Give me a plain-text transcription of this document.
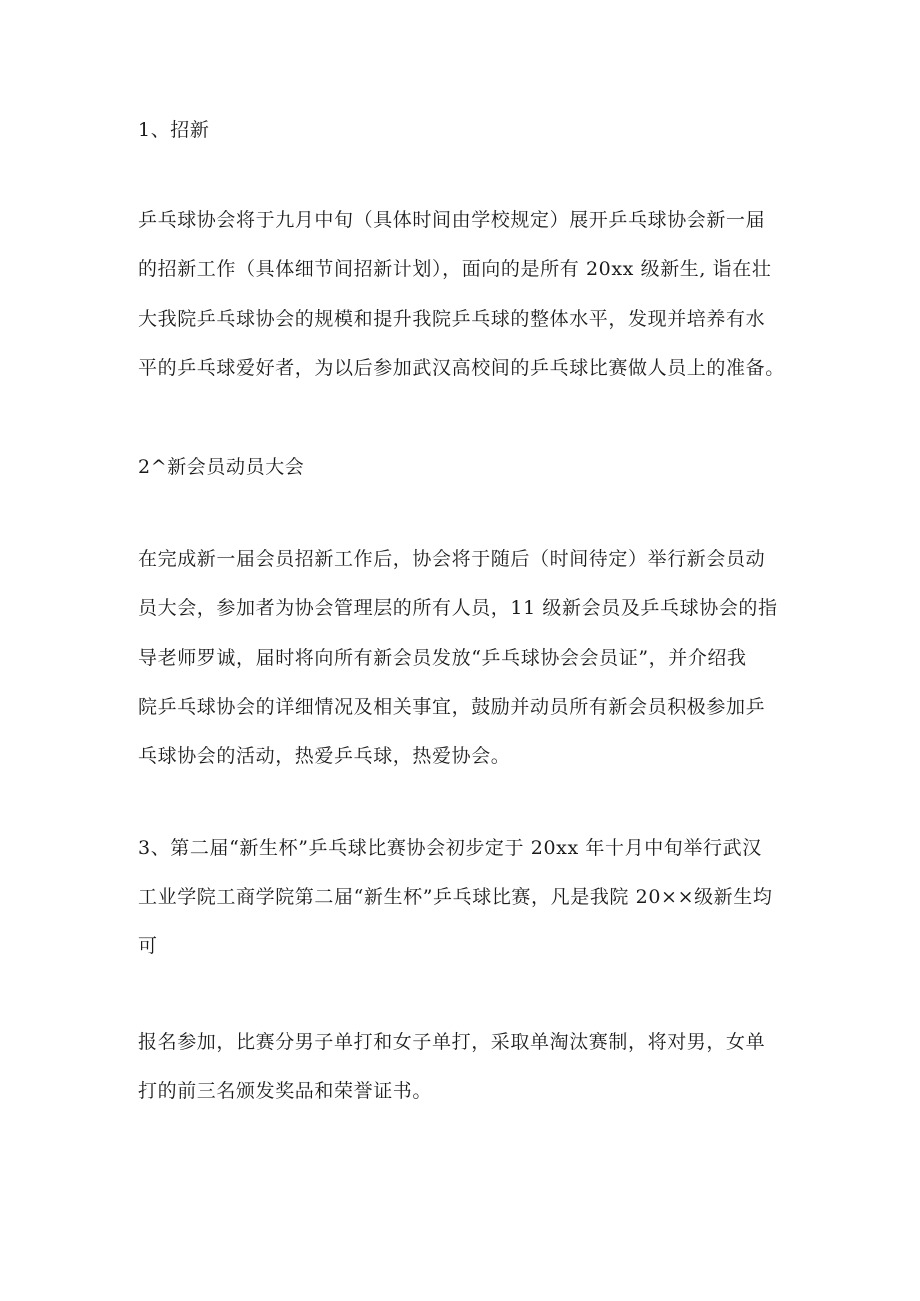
1、招新
乒乓球协会将于九月中旬（具体时间由学校规定）展开乒乓球协会新一届
的招新工作（具体细节间招新计划），面向的是所有 20xx 级新生, 诣在壮
大我院乒乓球协会的规模和提升我院乒乓球的整体水平，发现并培养有水
平的乒乓球爱好者，为以后参加武汉高校间的乒乓球比赛做人员上的准备。
2^新会员动员大会
在完成新一届会员招新工作后，协会将于随后（时间待定）举行新会员动
员大会，参加者为协会管理层的所有人员，11 级新会员及乒乓球协会的指
导老师罗诚，届时将向所有新会员发放“乒乓球协会会员证”，并介绍我
院乒乓球协会的详细情况及相关事宜，鼓励并动员所有新会员积极参加乒
乓球协会的活动，热爱乒乓球，热爱协会。
3、第二届“新生杯”乒乓球比赛协会初步定于 20xx 年十月中旬举行武汉
工业学院工商学院第二届“新生杯”乒乓球比赛，凡是我院 20××级新生均
可
报名参加，比赛分男子单打和女子单打，采取单淘汰赛制，将对男，女单
打的前三名颁发奖品和荣誉证书。
